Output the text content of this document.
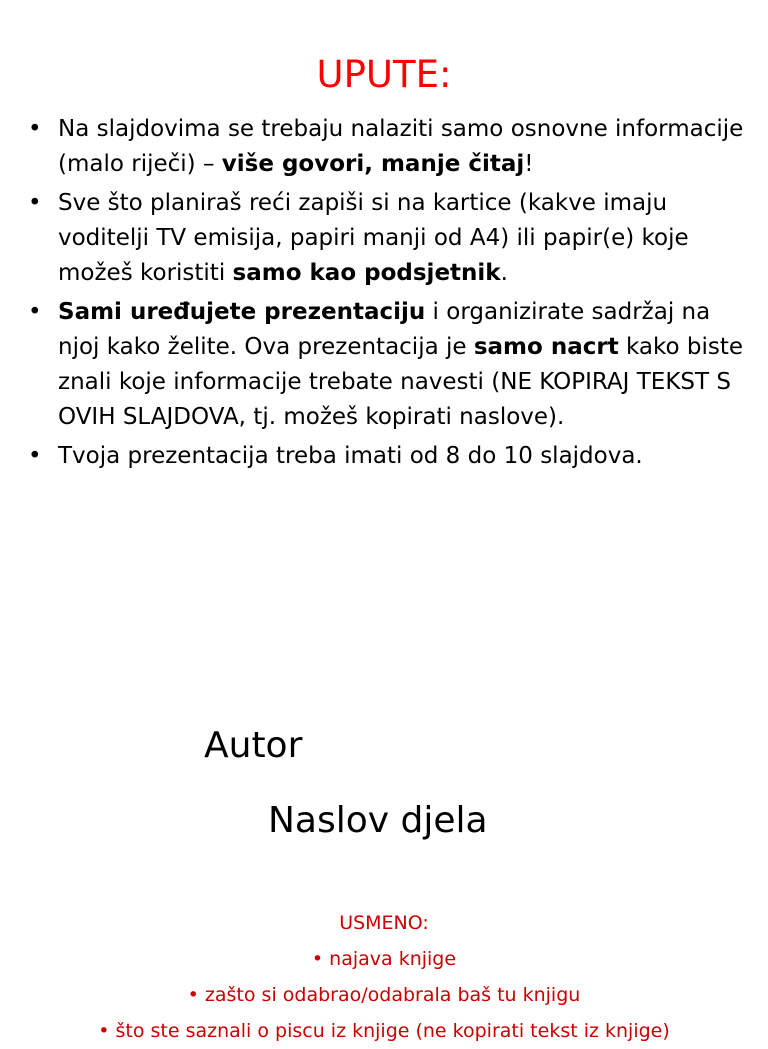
UPUTE:
• Na slajdovima se trebaju nalaziti samo osnovne informacije (malo riječi) – više govori, manje čitaj!
• Sve što planiraš reći zapiši si na kartice (kakve imaju voditelji TV emisija, papiri manji od A4) ili papir(e) koje možeš koristiti samo kao podsjetnik.
• Sami uređujete prezentaciju i organizirate sadržaj na njoj kako želite. Ova prezentacija je samo nacrt kako biste znali koje informacije trebate navesti (NE KOPIRAJ TEKST S OVIH SLAJDOVA, tj. možeš kopirati naslove).
• Tvoja prezentacija treba imati od 8 do 10 slajdova.
Autor
Naslov djela
USMENO:
• najava knjige
• zašto si odabrao/odabrala baš tu knjigu
• što ste saznali o piscu iz knjige (ne kopirati tekst iz knjige)
